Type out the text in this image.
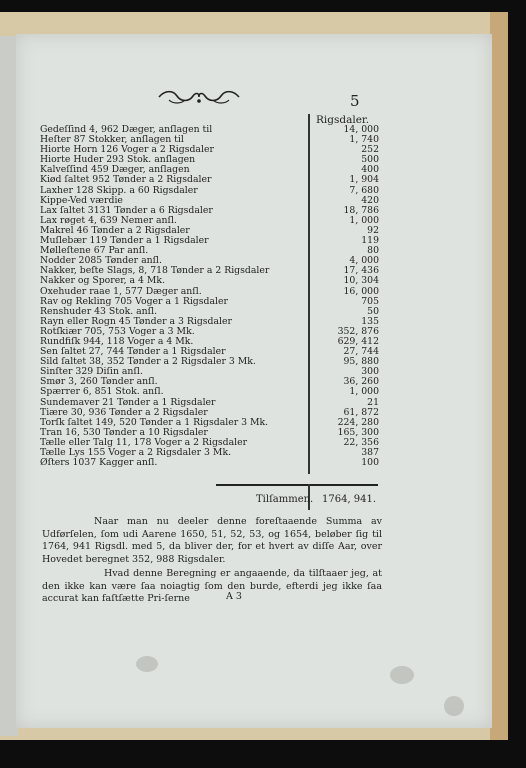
5
Rigsdaler.
Gedeſſind 4, 962 Dæger, anſlagen til	14, 000
Heſter 87 Stokker, anſlagen til	1, 740
Hiorte Horn 126 Voger a 2 Rigsdaler	252
Hiorte Huder 293 Stok. anſlagen	500
Kalveſſind 459 Dæger, anſlagen	400
Kiød ſaltet 952 Tønder a 2 Rigsdaler	1, 904
Laxher 128 Skipp. a 60 Rigsdaler	7, 680
Kippe-Ved værdie	420
Lax ſaltet 3131 Tønder a 6 Rigsdaler	18, 786
Lax røget 4, 639 Nemer anſl.	1, 000
Makrel 46 Tønder a 2 Rigsdaler	92
Muſlebær 119 Tønder a 1 Rigsdaler	119
Mølleſtene 67 Par anſl.	80
Nodder 2085 Tønder anſl.	4, 000
Nakker, beſte Slags, 8, 718 Tønder a 2 Rigsdaler	17, 436
Nakker og Sporer, a 4 Mk.	10, 304
Oxehuder raae 1, 577 Dæger anſl.	16, 000
Rav og Rekling 705 Voger a 1 Rigsdaler	705
Renshuder 43 Stok. anſl.	50
Rayn eller Rogn 45 Tønder a 3 Rigsdaler	135
Rotſkiær 705, 753 Voger a 3 Mk.	352, 876
Rundfiſk 944, 118 Voger a 4 Mk.	629, 412
Sen ſaltet 27, 744 Tønder a 1 Rigsdaler	27, 744
Sild ſaltet 38, 352 Tønder a 2 Rigsdaler 3 Mk.	95, 880
Sinſter 329 Diſin anſl.	300
Smør 3, 260 Tønder anſl.	36, 260
Spærrer 6, 851 Stok. anſl.	1, 000
Sundemaver 21 Tønder a 1 Rigsdaler	21
Tiære 30, 936 Tønder a 2 Rigsdaler	61, 872
Torſk ſaltet 149, 520 Tønder a 1 Rigsdaler 3 Mk.	224, 280
Tran 16, 530 Tønder a 10 Rigsdaler	165, 300
Tælle eller Talg 11, 178 Voger a 2 Rigsdaler	22, 356
Tælle Lys 155 Voger a 2 Rigsdaler 3 Mk.	387
Øſters 1037 Kagger anſl.	100
Tilſammen. 1764, 941.
Naar man nu deeler denne foreſtaaende Summa av Udførſelen, ſom udi Aarene 1650, 51, 52, 53, og 1654, beløber ſig til 1764, 941 Rigsdl. med 5, da bliver der, for et hvert av diſſe Aar, over Hovedet beregnet 352, 988 Rigsdaler.
Hvad denne Beregning er angaaende, da tilſtaaer jeg, at den ikke kan være ſaa noiagtig ſom den burde, efterdi jeg ikke ſaa accurat kan faſtſætte Pri-ſerne	A 3
